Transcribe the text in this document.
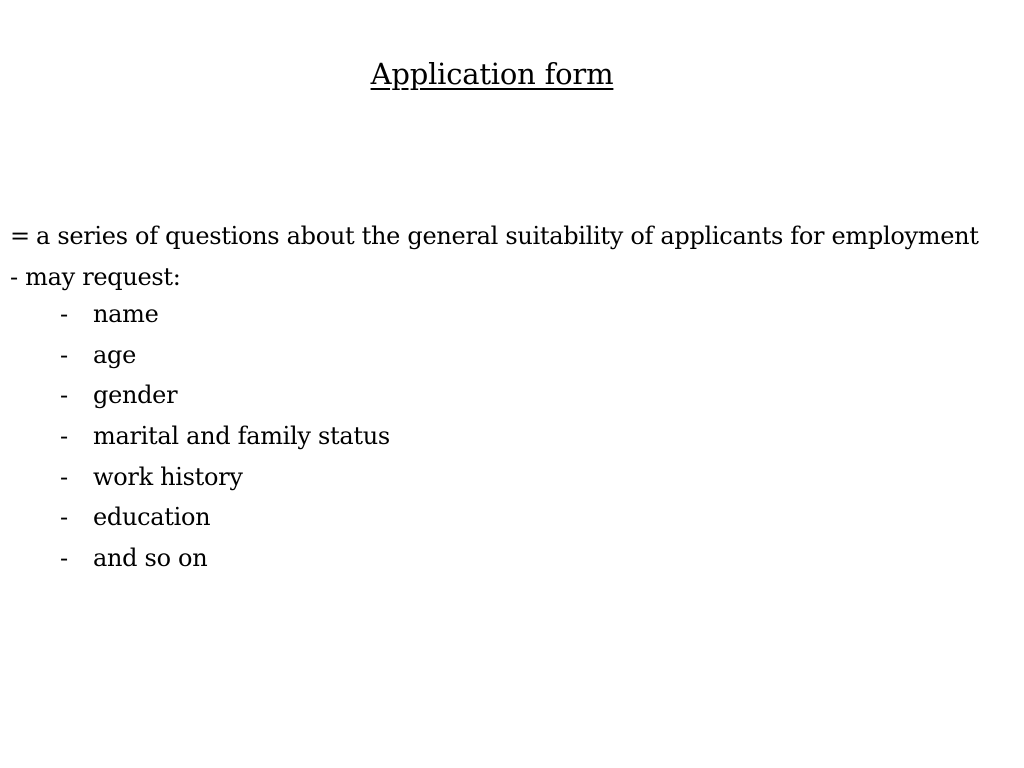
Application form

= a series of questions about the general suitability of applicants for employment

- may request:

- name
- age
- gender
- marital and family status
- work history
- education
- and so on
